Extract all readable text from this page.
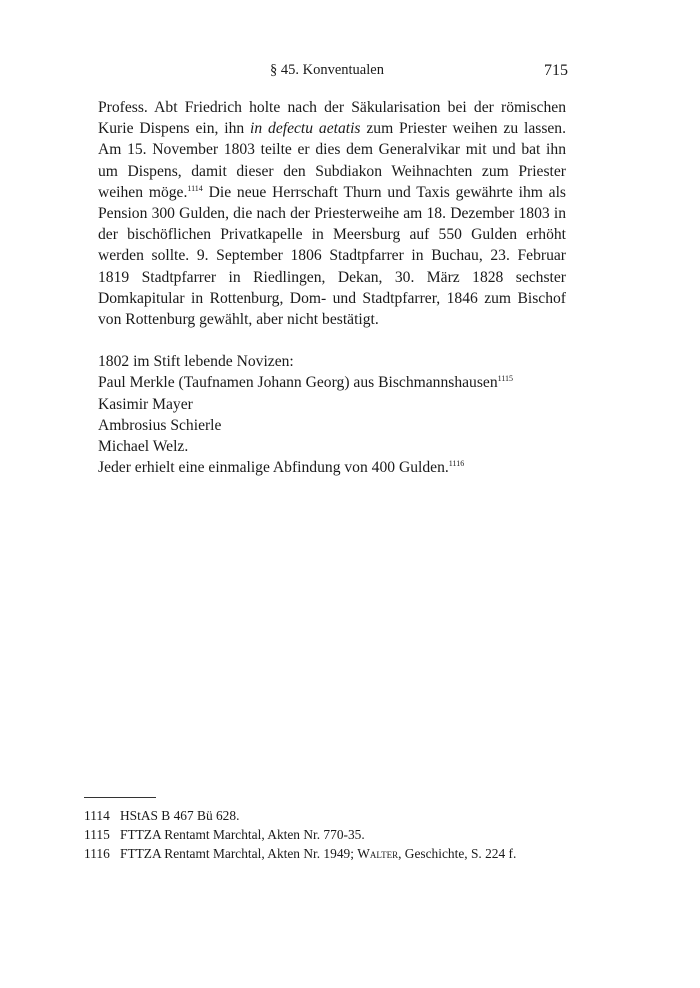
§ 45. Konventualen	715

Profess. Abt Friedrich holte nach der Säkularisation bei der römischen Kurie Dispens ein, ihn in defectu aetatis zum Priester weihen zu lassen. Am 15. November 1803 teilte er dies dem Generalvikar mit und bat ihn um Dispens, damit dieser den Subdiakon Weihnachten zum Priester weihen möge.$^{1114}$ Die neue Herrschaft Thurn und Taxis gewährte ihm als Pension 300 Gulden, die nach der Priesterweihe am 18. Dezember 1803 in der bischöflichen Privatkapelle in Meersburg auf 550 Gulden erhöht werden sollte. 9. September 1806 Stadtpfarrer in Buchau, 23. Februar 1819 Stadtpfarrer in Riedlingen, Dekan, 30. März 1828 sechster Domkapitular in Rottenburg, Dom- und Stadtpfarrer, 1846 zum Bischof von Rottenburg gewählt, aber nicht bestätigt.

1802 im Stift lebende Novizen:
Paul Merkle (Taufnamen Johann Georg) aus Bischmannshausen$^{1115}$
Kasimir Mayer
Ambrosius Schierle
Michael Welz.
Jeder erhielt eine einmalige Abfindung von 400 Gulden.$^{1116}$
1114 HStAS B 467 Bü 628.
1115 FTTZA Rentamt Marchtal, Akten Nr. 770-35.
1116 FTTZA Rentamt Marchtal, Akten Nr. 1949; Walter, Geschichte, S. 224 f.
